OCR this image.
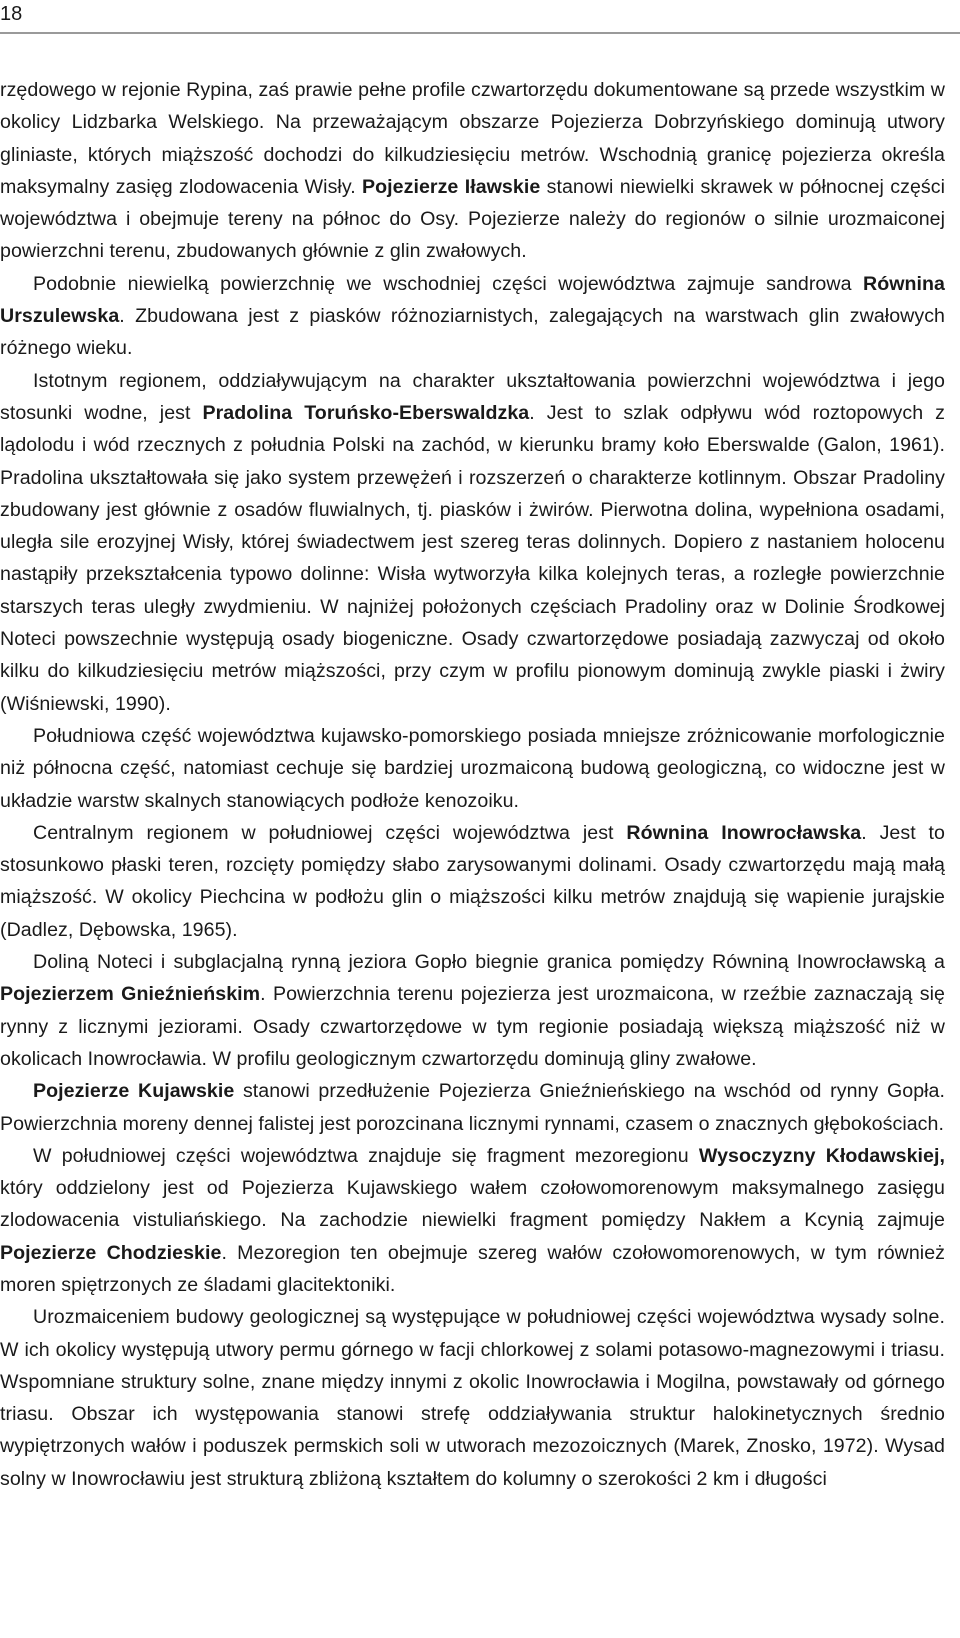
18

rzędowego w rejonie Rypina, zaś prawie pełne profile czwartorzędu dokumentowane są przede wszystkim w okolicy Lidzbarka Welskiego. Na przeważającym obszarze Pojezierza Dobrzyńskiego dominują utwory gliniaste, których miąższość dochodzi do kilkudziesięciu metrów. Wschodnią granicę pojezierza określa maksymalny zasięg zlodowacenia Wisły. Pojezierze Iławskie stanowi niewielki skrawek w północnej części województwa i obejmuje tereny na północ do Osy. Pojezierze należy do regionów o silnie urozmaiconej powierzchni terenu, zbudowanych głównie z glin zwałowych.

Podobnie niewielką powierzchnię we wschodniej części województwa zajmuje sandrowa Równina Urszulewska. Zbudowana jest z piasków różnoziarnistych, zalegających na warstwach glin zwałowych różnego wieku.

Istotnym regionem, oddziaływującym na charakter ukształtowania powierzchni województwa i jego stosunki wodne, jest Pradolina Toruńsko-Eberswaldzka. Jest to szlak odpływu wód roztopowych z lądolodu i wód rzecznych z południa Polski na zachód, w kierunku bramy koło Eberswalde (Galon, 1961). Pradolina ukształtowała się jako system przewężeń i rozszerzeń o charakterze kotlinnym. Obszar Pradoliny zbudowany jest głównie z osadów fluwialnych, tj. piasków i żwirów. Pierwotna dolina, wypełniona osadami, uległa sile erozyjnej Wisły, której świadectwem jest szereg teras dolinnych. Dopiero z nastaniem holocenu nastąpiły przekształcenia typowo dolinne: Wisła wytworzyła kilka kolejnych teras, a rozległe powierzchnie starszych teras uległy zwydmieniu. W najniżej położonych częściach Pradoliny oraz w Dolinie Środkowej Noteci powszechnie występują osady biogeniczne. Osady czwartorzędowe posiadają zazwyczaj od około kilku do kilkudziesięciu metrów miąższości, przy czym w profilu pionowym dominują zwykle piaski i żwiry (Wiśniewski, 1990).

Południowa część województwa kujawsko-pomorskiego posiada mniejsze zróżnicowanie morfologicznie niż północna część, natomiast cechuje się bardziej urozmaiconą budową geologiczną, co widoczne jest w układzie warstw skalnych stanowiących podłoże kenozoiku.

Centralnym regionem w południowej części województwa jest Równina Inowrocławska. Jest to stosunkowo płaski teren, rozcięty pomiędzy słabo zarysowanymi dolinami. Osady czwartorzędu mają małą miąższość. W okolicy Piechcina w podłożu glin o miąższości kilku metrów znajdują się wapienie jurajskie (Dadlez, Dębowska, 1965).

Doliną Noteci i subglacjalną rynną jeziora Gopło biegnie granica pomiędzy Równiną Inowrocławską a Pojezierzem Gnieźnieńskim. Powierzchnia terenu pojezierza jest urozmaicona, w rzeźbie zaznaczają się rynny z licznymi jeziorami. Osady czwartorzędowe w tym regionie posiadają większą miąższość niż w okolicach Inowrocławia. W profilu geologicznym czwartorzędu dominują gliny zwałowe.

Pojezierze Kujawskie stanowi przedłużenie Pojezierza Gnieźnieńskiego na wschód od rynny Gopła. Powierzchnia moreny dennej falistej jest porozcinana licznymi rynnami, czasem o znacznych głębokościach.

W południowej części województwa znajduje się fragment mezoregionu Wysoczyzny Kłodawskiej, który oddzielony jest od Pojezierza Kujawskiego wałem czołowomorenowym maksymalnego zasięgu zlodowacenia vistuliańskiego. Na zachodzie niewielki fragment pomiędzy Nakłem a Kcynią zajmuje Pojezierze Chodzieskie. Mezoregion ten obejmuje szereg wałów czołowomorenowych, w tym również moren spiętrzonych ze śladami glacitektoniki.

Urozmaiceniem budowy geologicznej są występujące w południowej części województwa wysady solne. W ich okolicy występują utwory permu górnego w facji chlorkowej z solami potasowo-magnezowymi i triasu. Wspomniane struktury solne, znane między innymi z okolic Inowrocławia i Mogilna, powstawały od górnego triasu. Obszar ich występowania stanowi strefę oddziaływania struktur halokinetycznych średnio wypiętrzonych wałów i poduszek permskich soli w utworach mezozoicznych (Marek, Znosko, 1972). Wysad solny w Inowrocławiu jest strukturą zbliżoną kształtem do kolumny o szerokości 2 km i długości
